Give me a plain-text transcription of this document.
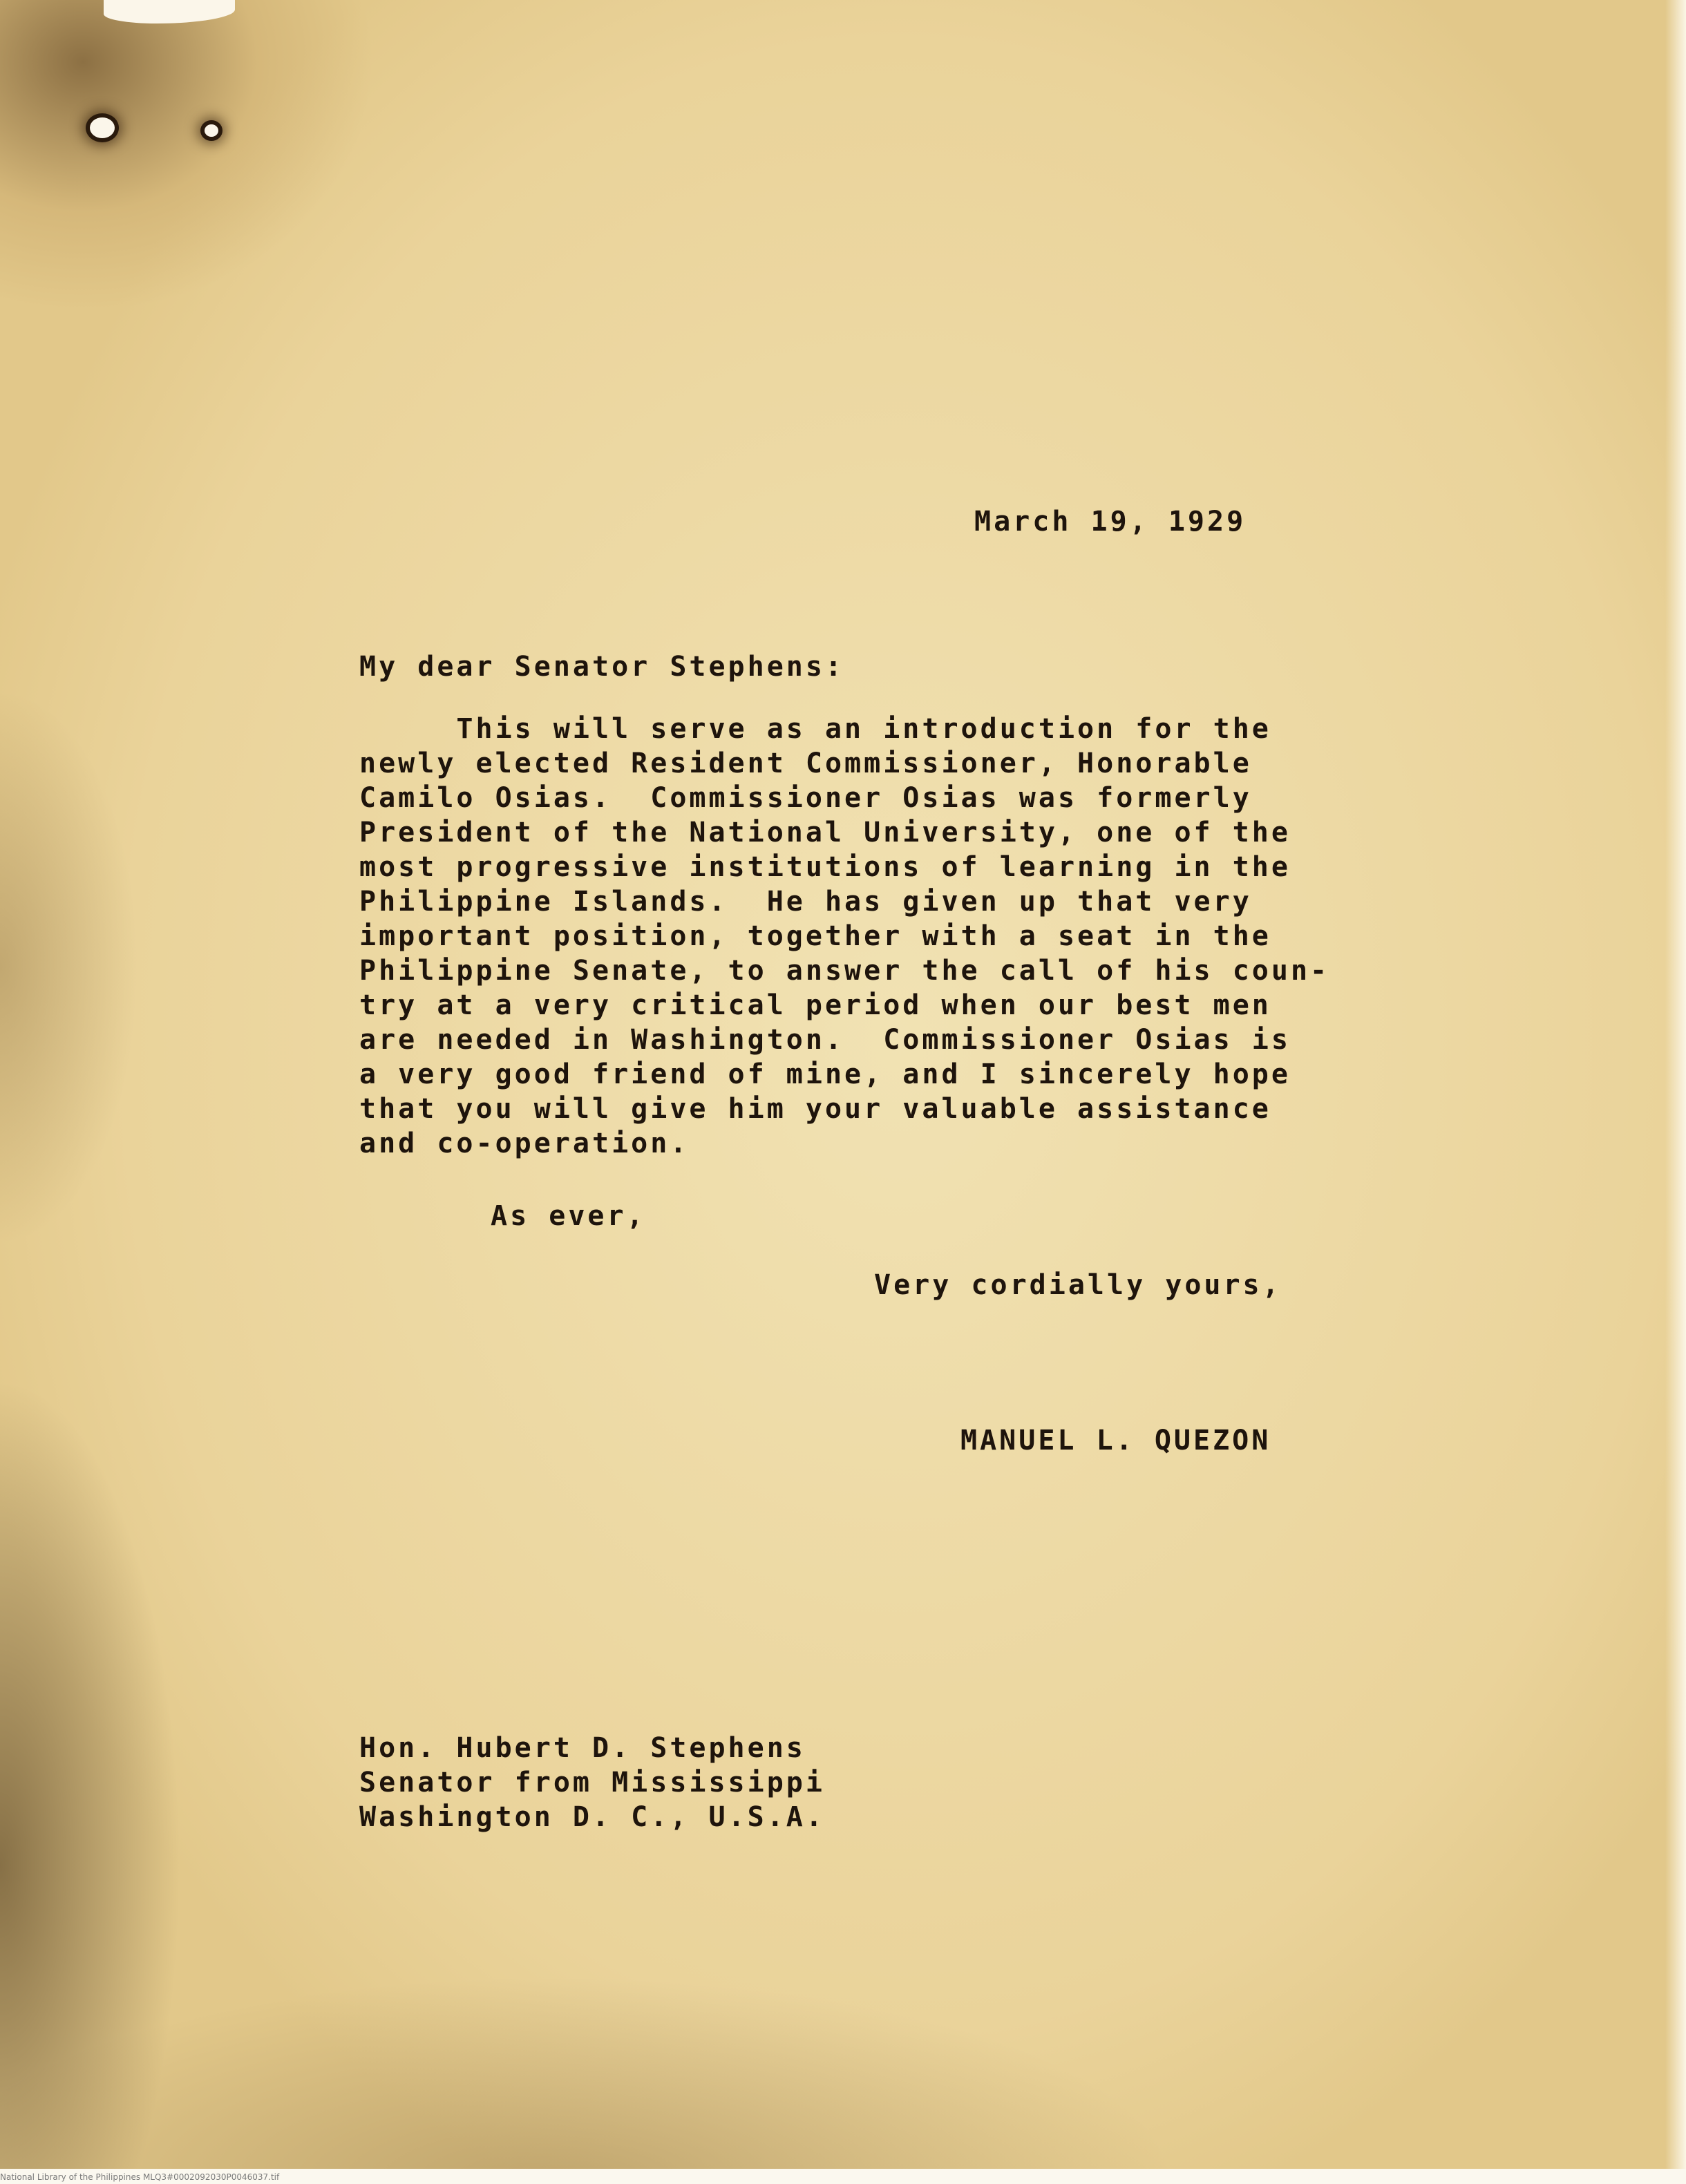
March 19, 1929
My dear Senator Stephens:
This will serve as an introduction for the
newly elected Resident Commissioner, Honorable
Camilo Osias.  Commissioner Osias was formerly
President of the National University, one of the
most progressive institutions of learning in the
Philippine Islands.  He has given up that very
important position, together with a seat in the
Philippine Senate, to answer the call of his coun-
try at a very critical period when our best men
are needed in Washington.  Commissioner Osias is
a very good friend of mine, and I sincerely hope
that you will give him your valuable assistance
and co-operation.
As ever,
Very cordially yours,
MANUEL L. QUEZON
Hon. Hubert D. Stephens
Senator from Mississippi
Washington D. C., U.S.A.
National Library of the Philippines MLQ3#0002092030P0046037.tif
